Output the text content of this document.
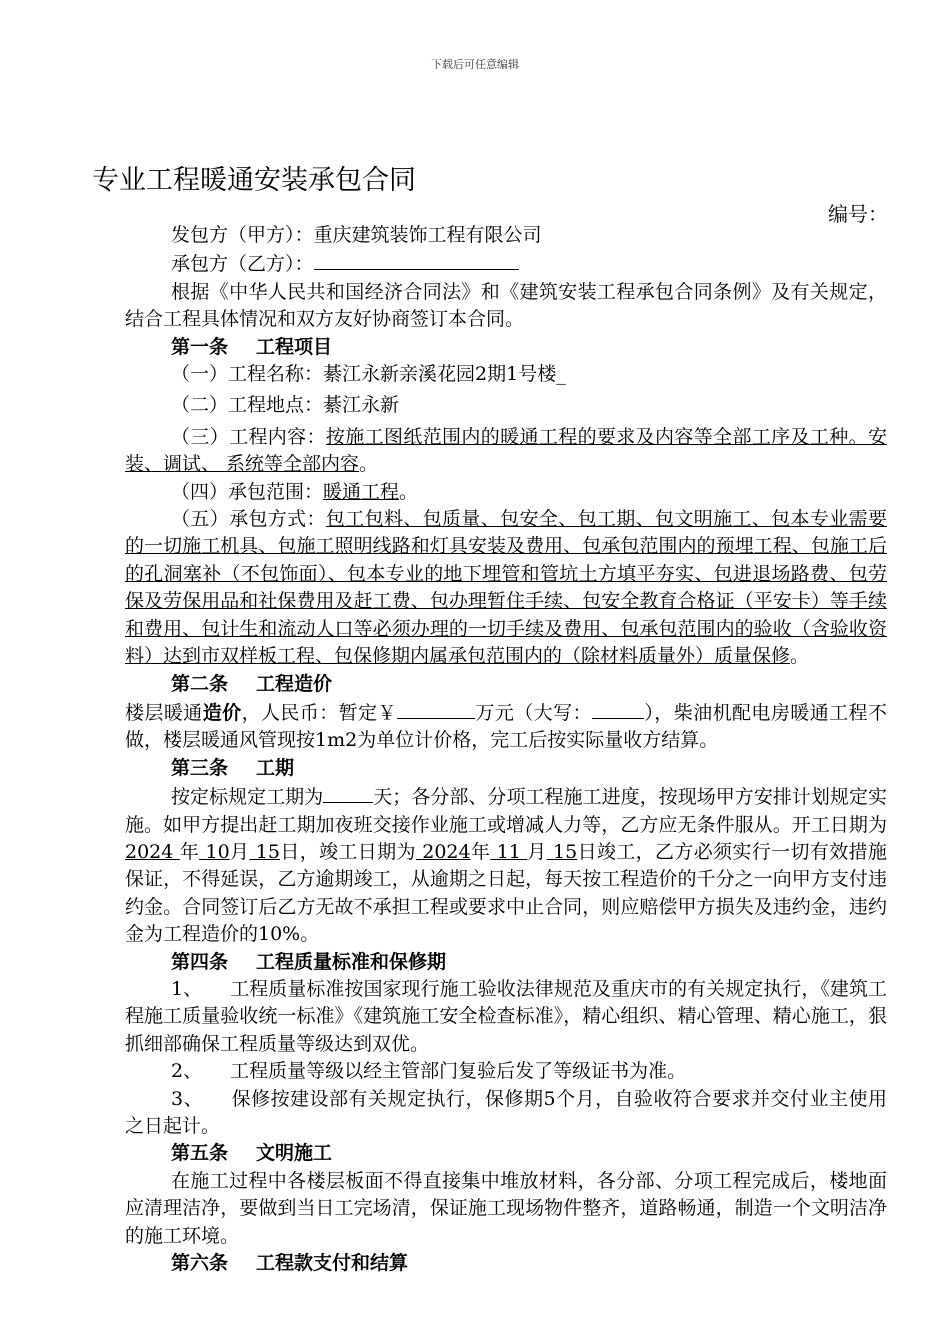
下载后可任意编辑
专业工程暖通安装承包合同
编号：

发包方（甲方）：重庆建筑装饰工程有限公司

承包方（乙方）：

根据《中华人民共和国经济合同法》和《建筑安装工程承包合同条例》及有关规定，结合工程具体情况和双方友好协商签订本合同。

第一条 工程项目

（一）工程名称：綦江永新亲溪花园2期1号楼_

（二）工程地点：綦江永新

（三）工程内容：按施工图纸范围内的暖通工程的要求及内容等全部工序及工种。安装、调试、 系统等全部内容。

（四）承包范围：暖通工程。

（五）承包方式：包工包料、包质量、包安全、包工期、包文明施工、包本专业需要的一切施工机具、包施工照明线路和灯具安装及费用、包承包范围内的预埋工程、包施工后的孔洞塞补（不包饰面）、包本专业的地下埋管和管坑土方填平夯实、包进退场路费、包劳保及劳保用品和社保费用及赶工费、包办理暂住手续、包安全教育合格证（平安卡）等手续和费用、包计生和流动人口等必须办理的一切手续及费用、包承包范围内的验收（含验收资料）达到市双样板工程、包保修期内属承包范围内的（除材料质量外）质量保修。

第二条 工程造价

楼层暖通造价，人民币：暂定￥	万元（大写：	），柴油机配电房暖通工程不做，楼层暖通风管现按1m2为单位计价格，完工后按实际量收方结算。

第三条 工期

按定标规定工期为	天；各分部、分项工程施工进度，按现场甲方安排计划规定实施。如甲方提出赶工期加夜班交接作业施工或增减人力等，乙方应无条件服从。开工日期为 2024 年 10月 15日，竣工日期为 2024年 11 月 15日竣工，乙方必须实行一切有效措施保证，不得延误，乙方逾期竣工，从逾期之日起，每天按工程造价的千分之一向甲方支付违约金。合同签订后乙方无故不承担工程或要求中止合同，则应赔偿甲方损失及违约金，违约金为工程造价的10%。

第四条 工程质量标准和保修期

1、 工程质量标准按国家现行施工验收法律规范及重庆市的有关规定执行，《建筑工程施工质量验收统一标准》《建筑施工安全检查标准》，精心组织、精心管理、精心施工，狠抓细部确保工程质量等级达到双优。

2、 工程质量等级以经主管部门复验后发了等级证书为准。

3、 保修按建设部有关规定执行，保修期5个月，自验收符合要求并交付业主使用之日起计。

第五条 文明施工

在施工过程中各楼层板面不得直接集中堆放材料，各分部、分项工程完成后，楼地面应清理洁净，要做到当日工完场清，保证施工现场物件整齐，道路畅通，制造一个文明洁净的施工环境。

第六条 工程款支付和结算
